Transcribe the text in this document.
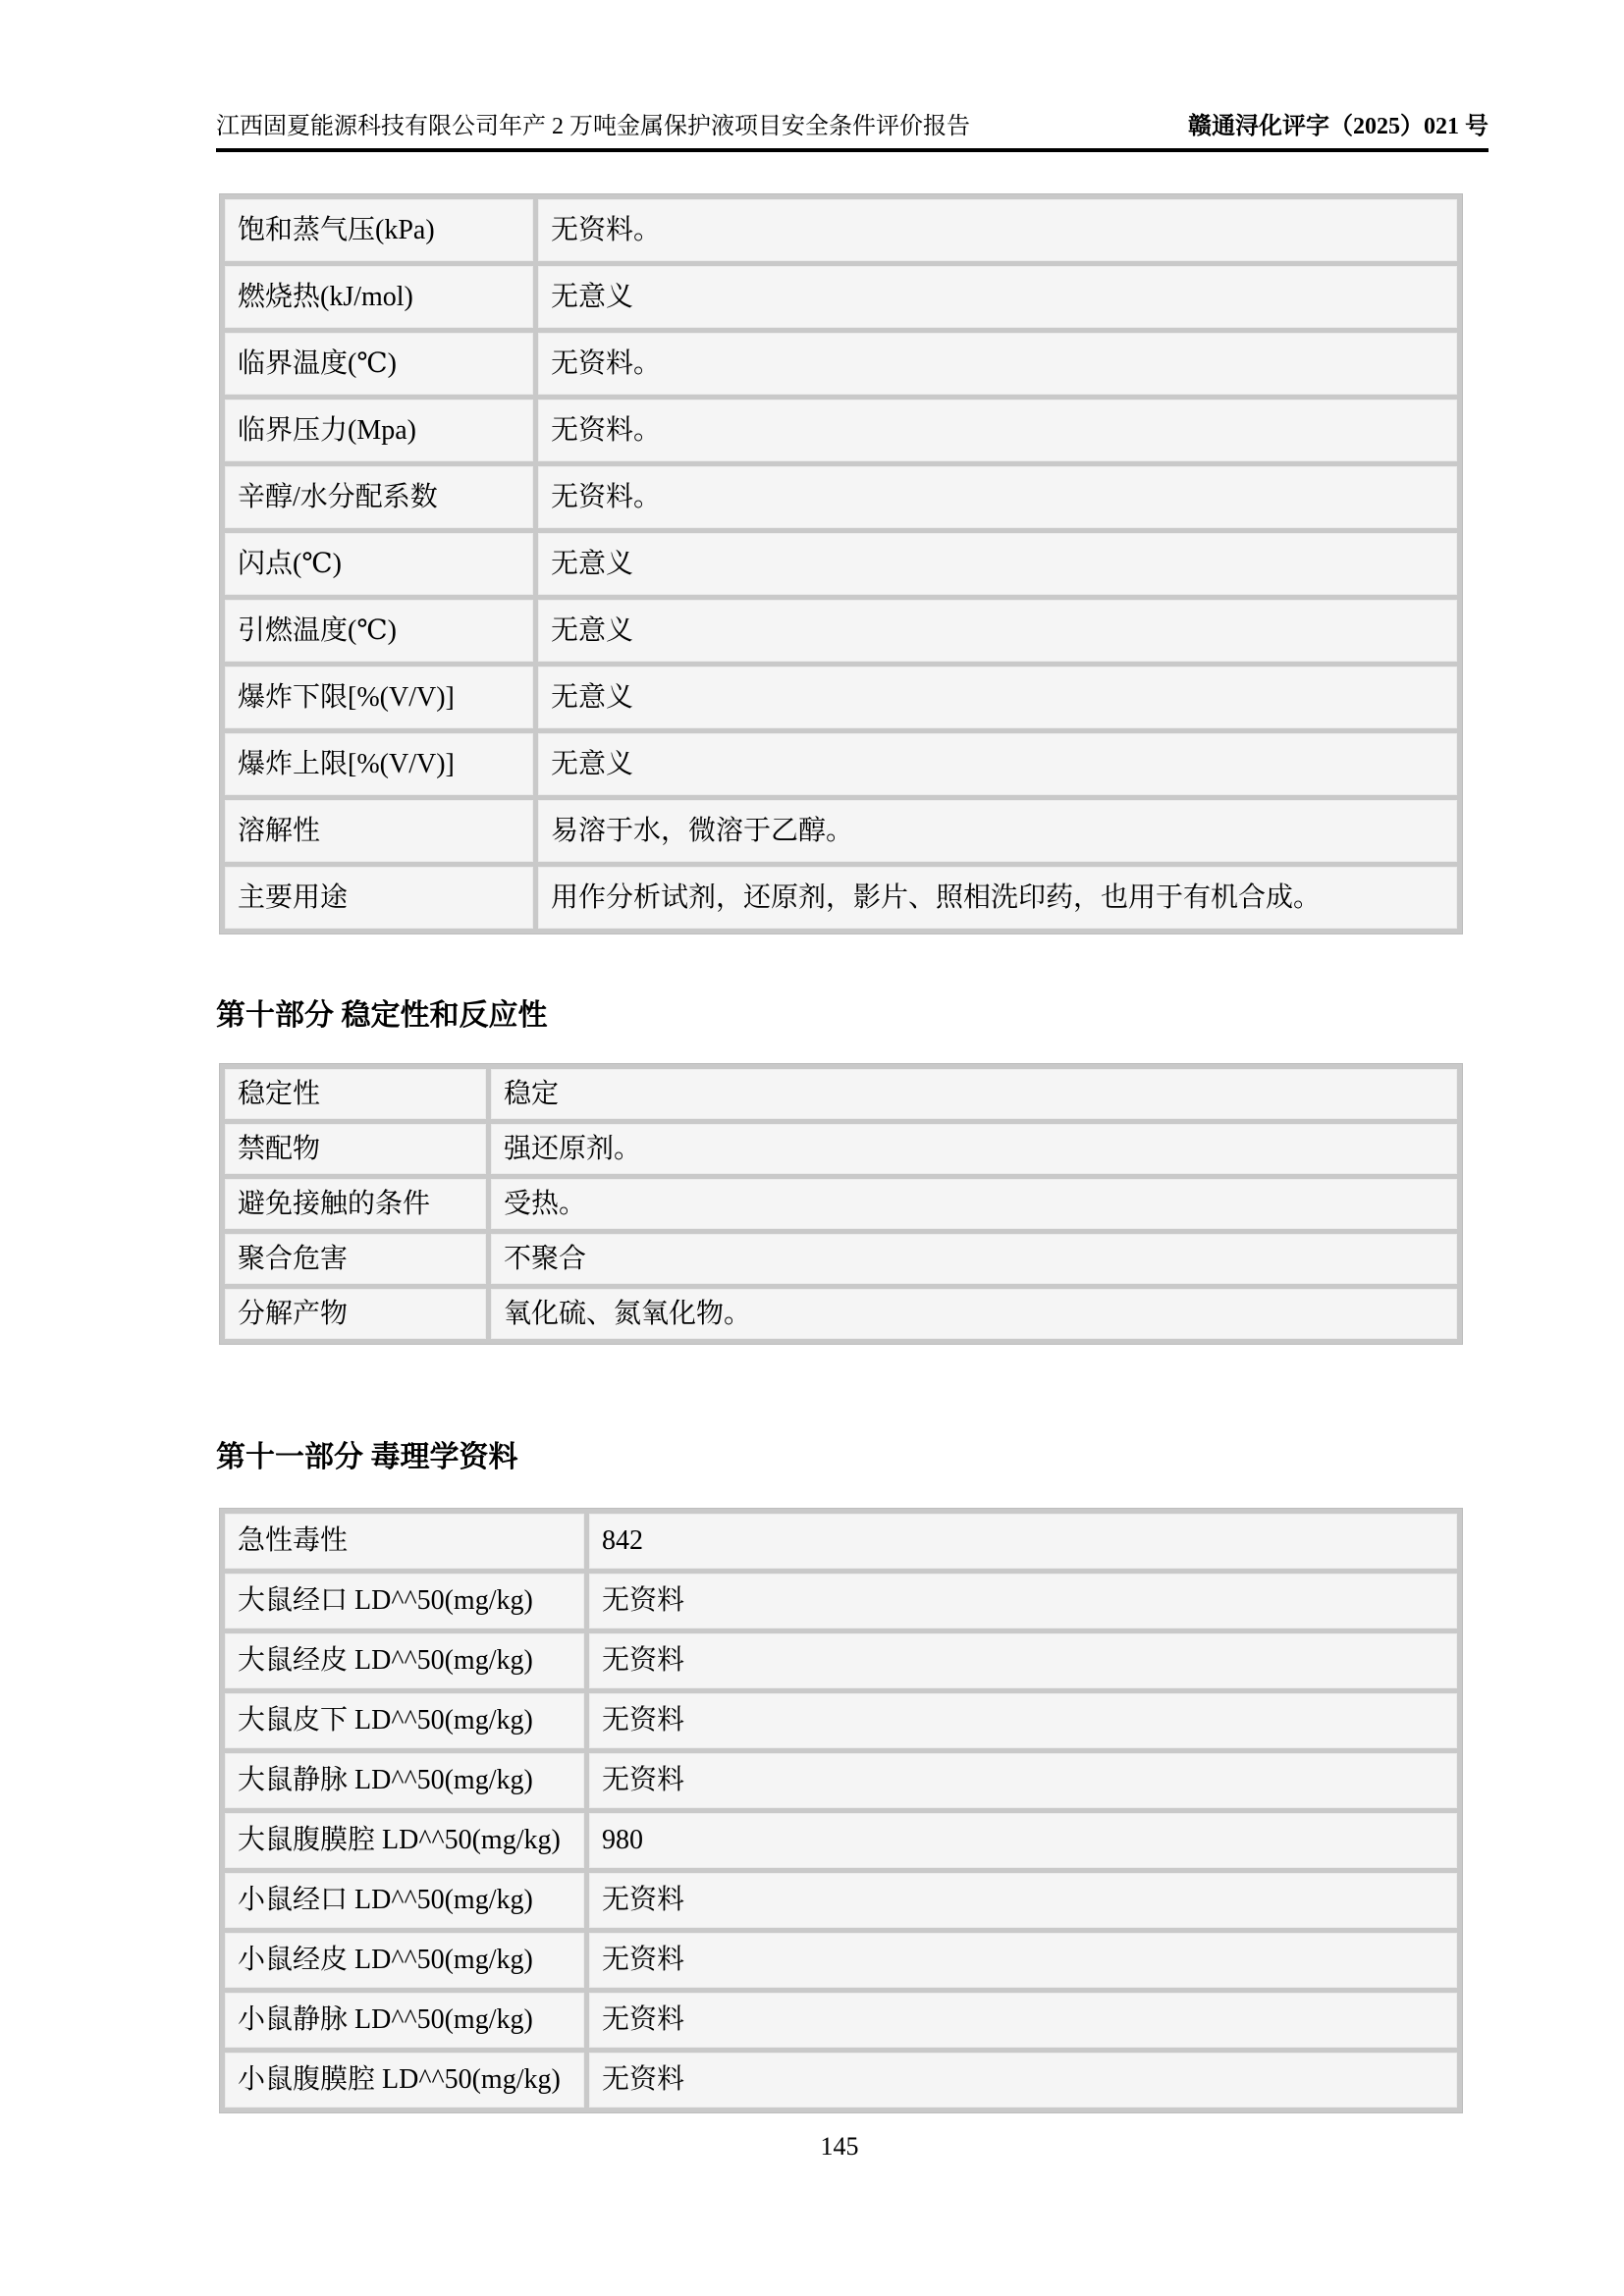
江西固夏能源科技有限公司年产 2 万吨金属保护液项目安全条件评价报告	赣通浔化评字（2025）021 号
饱和蒸气压(kPa)	无资料。
燃烧热(kJ/mol)	无意义
临界温度(℃)	无资料。
临界压力(Mpa)	无资料。
辛醇/水分配系数	无资料。
闪点(℃)	无意义
引燃温度(℃)	无意义
爆炸下限[%(V/V)]	无意义
爆炸上限[%(V/V)]	无意义
溶解性	易溶于水，微溶于乙醇。
主要用途	用作分析试剂，还原剂，影片、照相洗印药，也用于有机合成。
第十部分 稳定性和反应性
稳定性	稳定
禁配物	强还原剂。
避免接触的条件	受热。
聚合危害	不聚合
分解产物	氧化硫、氮氧化物。
第十一部分 毒理学资料
急性毒性	842
大鼠经口 LD^^50(mg/kg)	无资料
大鼠经皮 LD^^50(mg/kg)	无资料
大鼠皮下 LD^^50(mg/kg)	无资料
大鼠静脉 LD^^50(mg/kg)	无资料
大鼠腹膜腔 LD^^50(mg/kg)	980
小鼠经口 LD^^50(mg/kg)	无资料
小鼠经皮 LD^^50(mg/kg)	无资料
小鼠静脉 LD^^50(mg/kg)	无资料
小鼠腹膜腔 LD^^50(mg/kg)	无资料
145
